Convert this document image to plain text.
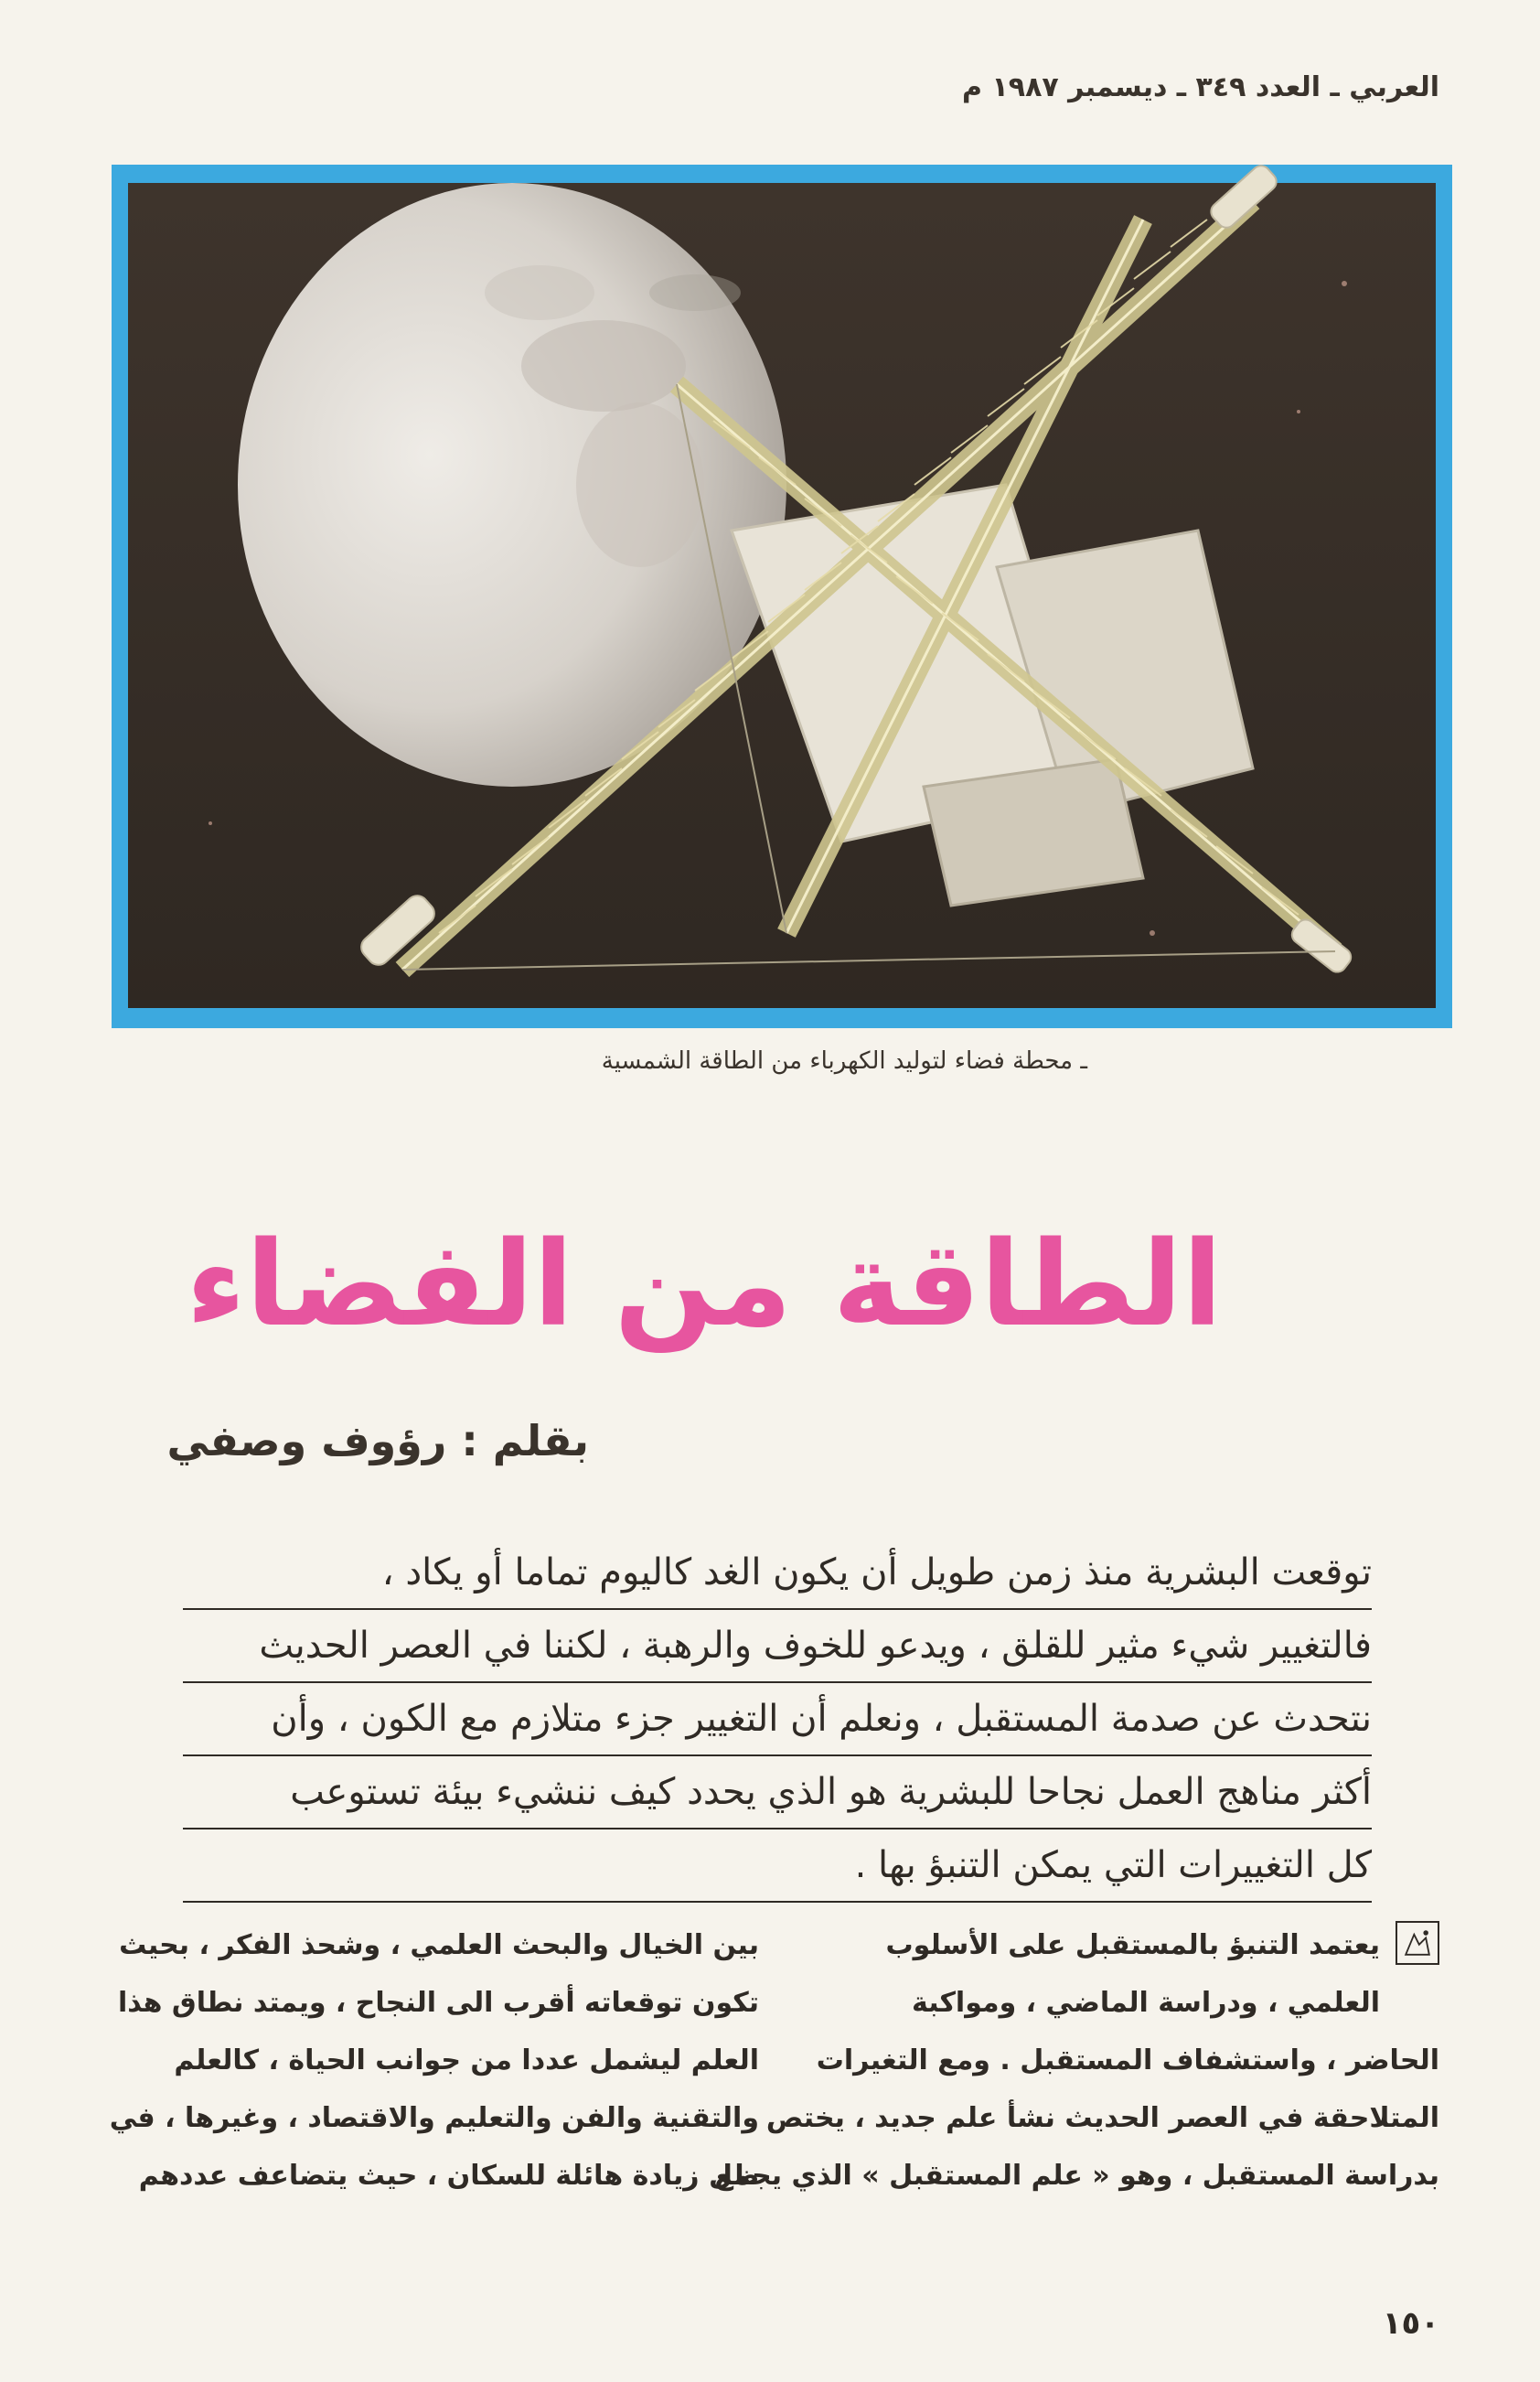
العربي ـ العدد ٣٤٩ ـ ديسمبر ١٩٨٧ م
ـ محطة فضاء لتوليد الكهرباء من الطاقة الشمسية
الطاقة من الفضاء
بقلم : رؤوف وصفي
توقعت البشرية منذ زمن طويل أن يكون الغد كاليوم تماما أو يكاد ،
فالتغيير شيء مثير للقلق ، ويدعو للخوف والرهبة ، لكننا في العصر الحديث
نتحدث عن صدمة المستقبل ، ونعلم أن التغيير جزء متلازم مع الكون ، وأن
أكثر مناهج العمل نجاحا للبشرية هو الذي يحدد كيف ننشيء بيئة تستوعب
كل التغييرات التي يمكن التنبؤ بها .
يعتمد التنبؤ بالمستقبل على الأسلوب
العلمي ، ودراسة الماضي ، ومواكبة
الحاضر ، واستشفاف المستقبل . ومع التغيرات
المتلاحقة في العصر الحديث نشأ علم جديد ، يختص
بدراسة المستقبل ، وهو « علم المستقبل » الذي يجمع
بين الخيال والبحث العلمي ، وشحذ الفكر ، بحيث
تكون توقعاته أقرب الى النجاح ، ويمتد نطاق هذا
العلم ليشمل عددا من جوانب الحياة ، كالعلم
والتقنية والفن والتعليم والاقتصاد ، وغيرها ، في
ظل زيادة هائلة للسكان ، حيث يتضاعف عددهم
١٥٠
